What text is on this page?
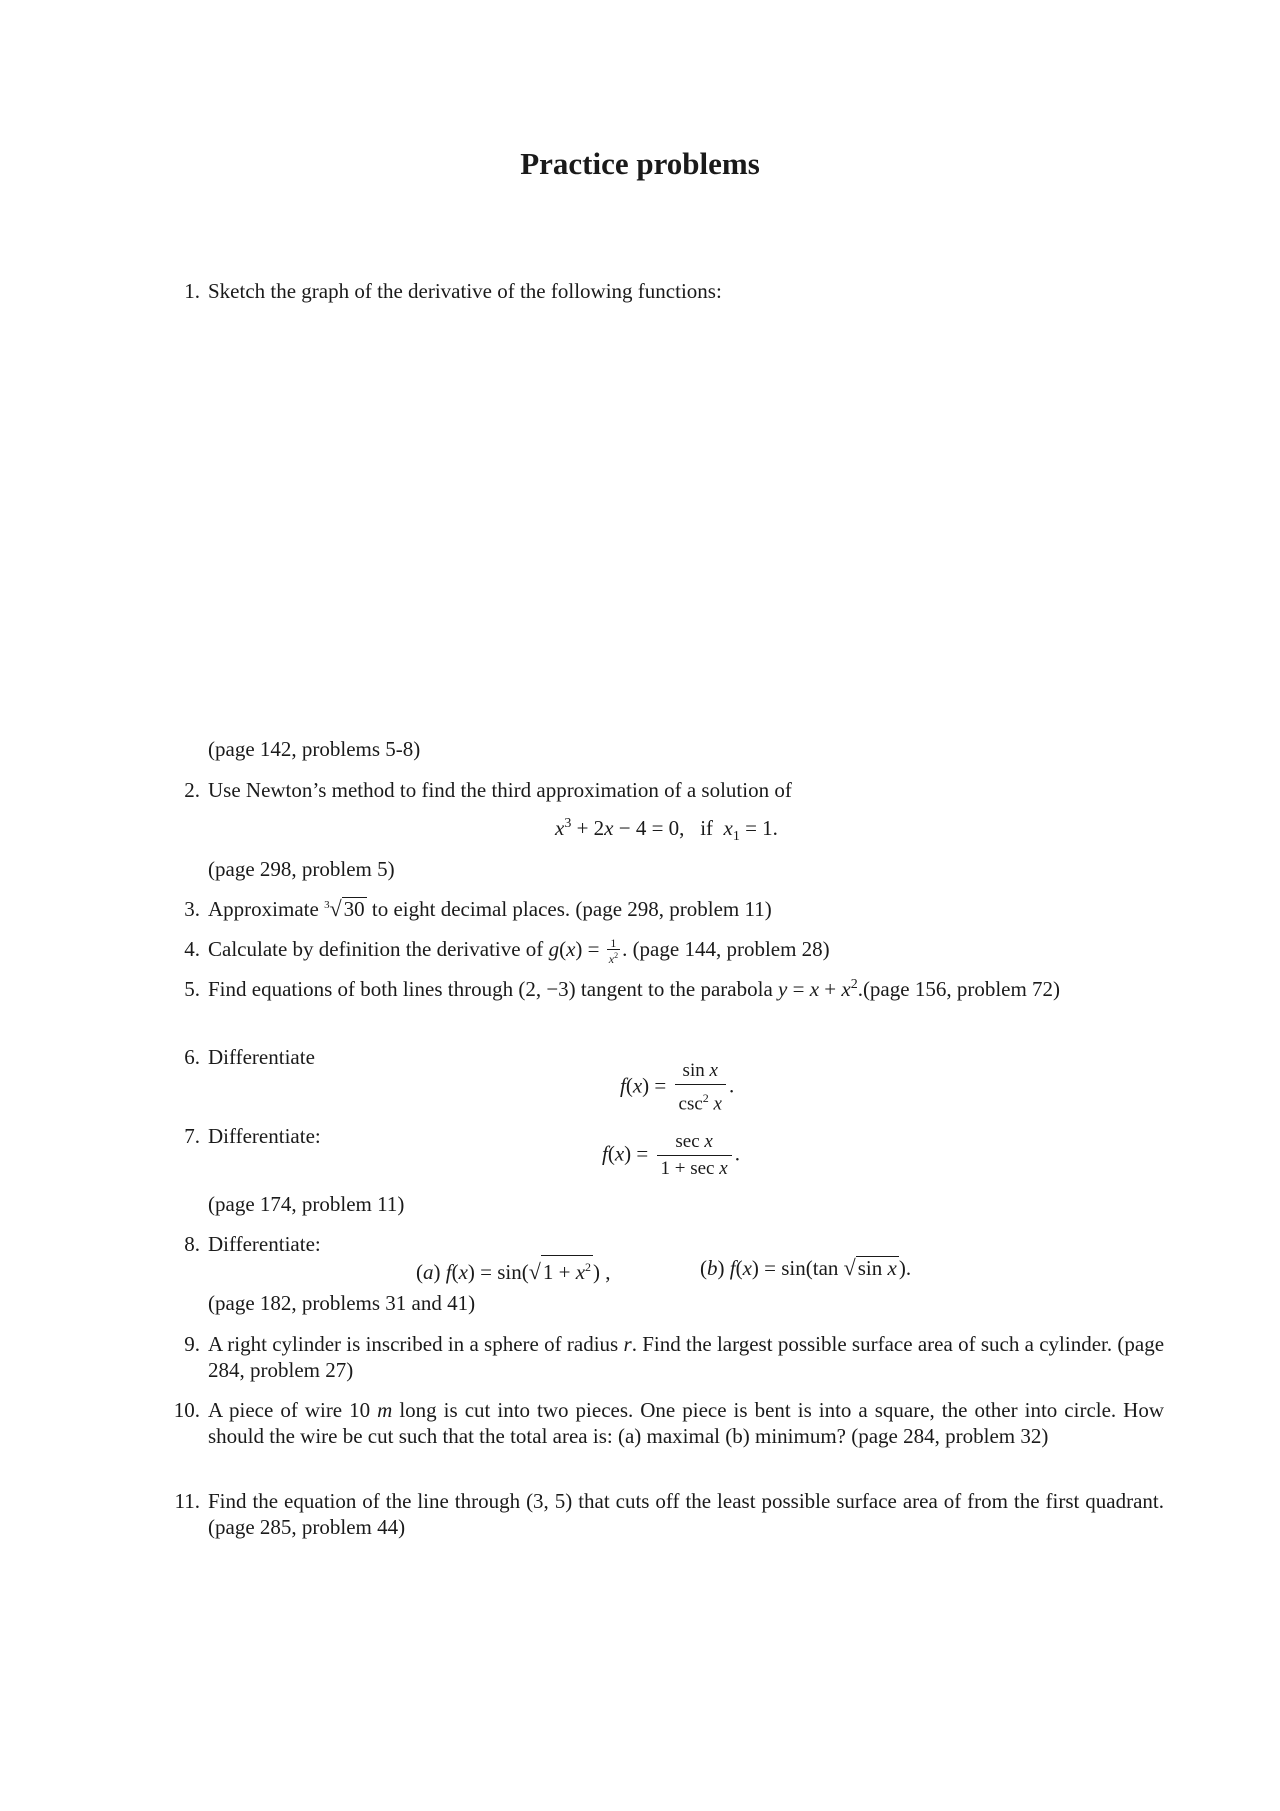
Practice problems
1. Sketch the graph of the derivative of the following functions:
(page 142, problems 5-8)
2. Use Newton’s method to find the third approximation of a solution of
$x^3 + 2x - 4 = 0$,   if $x_1 = 1$.
(page 298, problem 5)
3. Approximate $^3$√30 to eight decimal places. (page 298, problem 11)
4. Calculate by definition the derivative of $g(x) = \frac{1}{x^2}$ . (page 144, problem 28)
5. Find equations of both lines through (2, −3) tangent to the parabola $y = x + x^2.(page$ 156, problem 72)
6. Differentiate
$f(x) = \frac{\text{sin x}}{\csc^2 x}$ .
7. Differentiate:
$f(x) = \frac{\text{sec x}}{\text{1 + sec x}}$ .
(page 174, problem 11)
8. Differentiate:
(a) $f(x) = \sin(√1 + x^2)$ ,	(b) f(x) = sin(tan √sin x).
(page 182, problems 31 and 41)
9. A right cylinder is inscribed in a sphere of radius r. Find the largest possible surface area of such a cylinder. (page 284, problem 27)
10. A piece of wire 10 m long is cut into two pieces. One piece is bent is into a square, the other into circle. How should the wire be cut such that the total area is: (a) maximal (b) minimum? (page 284, problem 32)
11. Find the equation of the line through (3, 5) that cuts off the least possible surface area of from the first quadrant. (page 285, problem 44)
